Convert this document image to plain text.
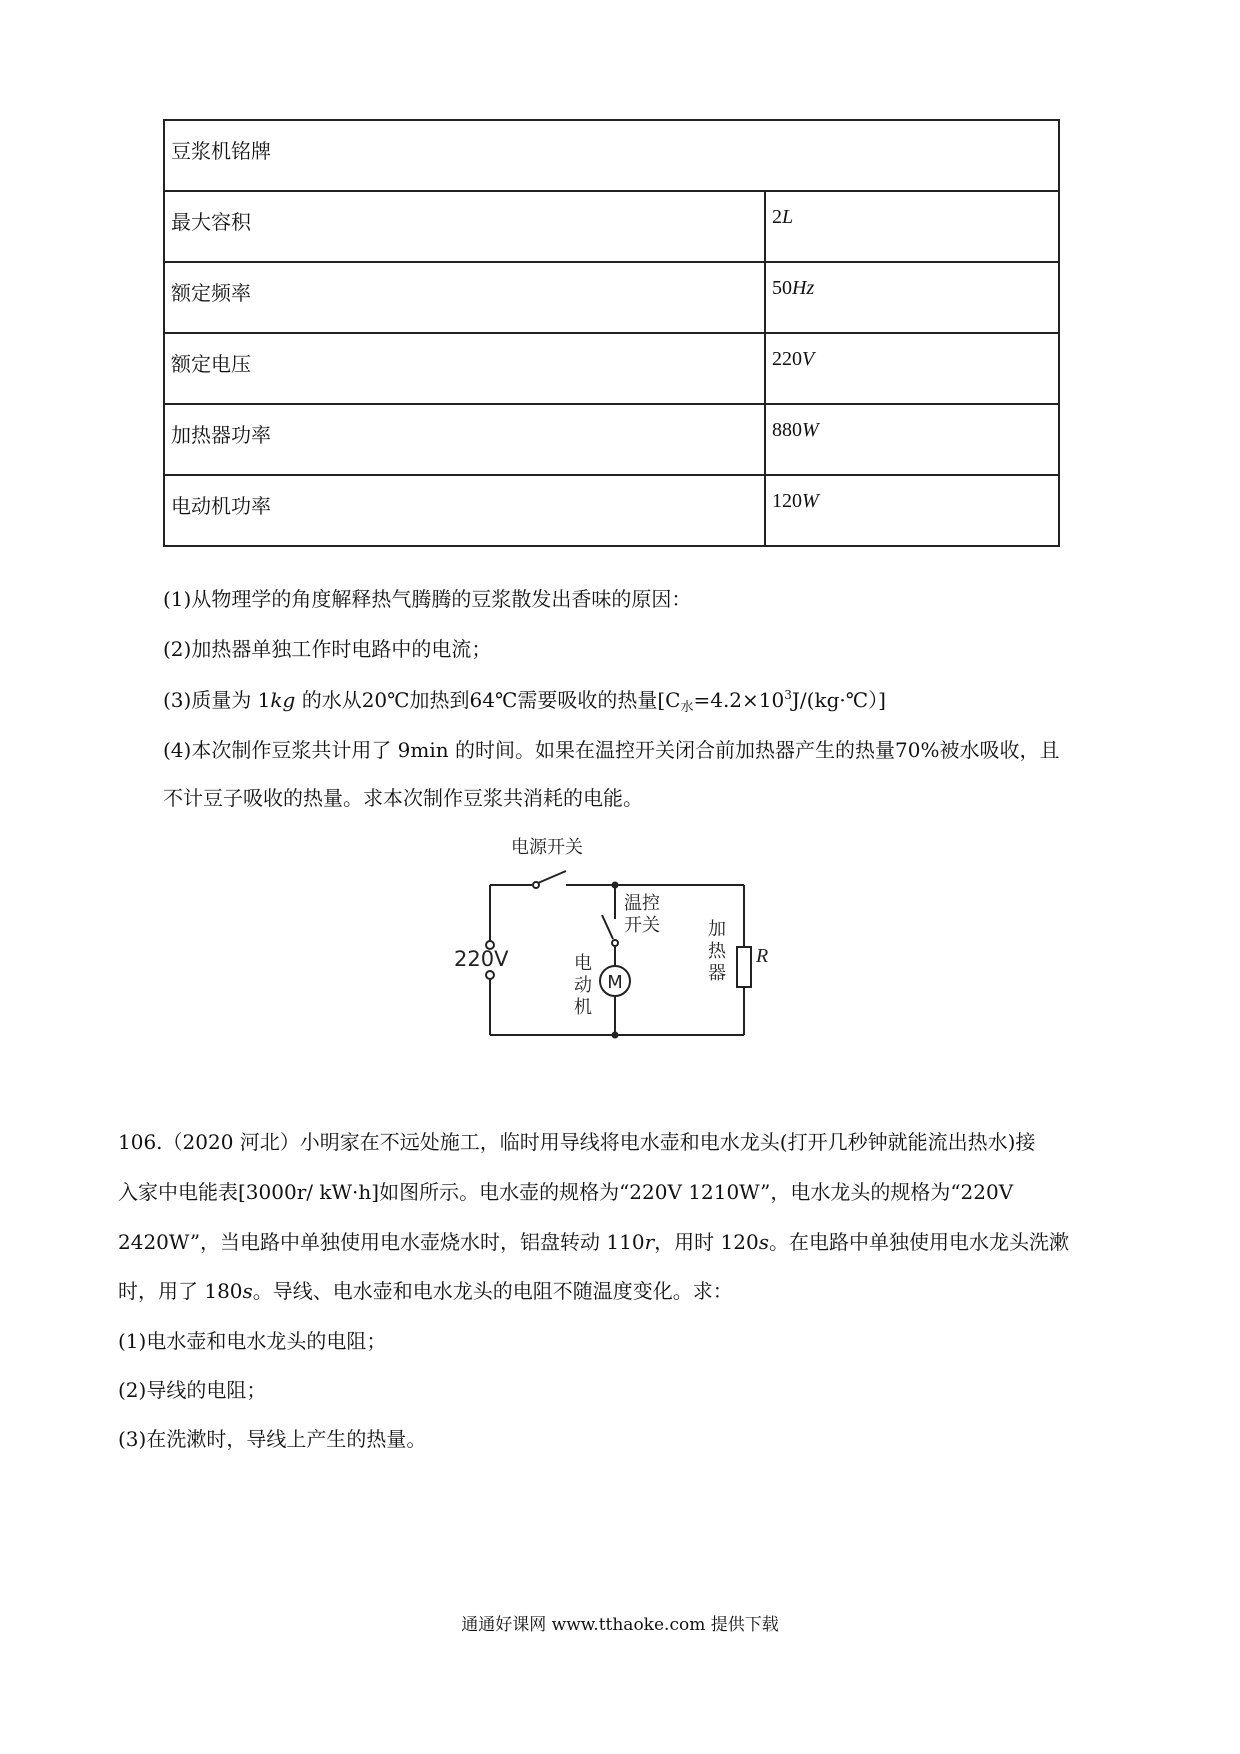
豆浆机铭牌	
最大容积	2L
额定频率	50Hz
额定电压	220V
加热器功率	880W
电动机功率	120W
(1)从物理学的角度解释热气腾腾的豆浆散发出香味的原因：
(2)加热器单独工作时电路中的电流；
(3)质量为 1kg 的水从20℃加热到64℃需要吸收的热量$[C_水=4.2\times 10^3J/(kg\cdot℃)]$
(4)本次制作豆浆共计用了 9min 的时间。如果在温控开关闭合前加热器产生的热量70%被水吸收，且
不计豆子吸收的热量。求本次制作豆浆共消耗的电能。
电源开关
温控
开关
220V	电
动
机
M
加
热
器
R
106.（2020 河北）小明家在不远处施工，临时用导线将电水壶和电水龙头(打开几秒钟就能流出热水)接
入家中电能表[3000r/ kW·h]如图所示。电水壶的规格为“220V 1210W”，电水龙头的规格为“220V
2420W”，当电路中单独使用电水壶烧水时，铝盘转动 110r，用时 120s。在电路中单独使用电水龙头洗漱
时，用了 180s。导线、电水壶和电水龙头的电阻不随温度变化。求：
(1)电水壶和电水龙头的电阻；
(2)导线的电阻；
(3)在洗漱时，导线上产生的热量。
通通好课网 www.tthaoke.com 提供下载
